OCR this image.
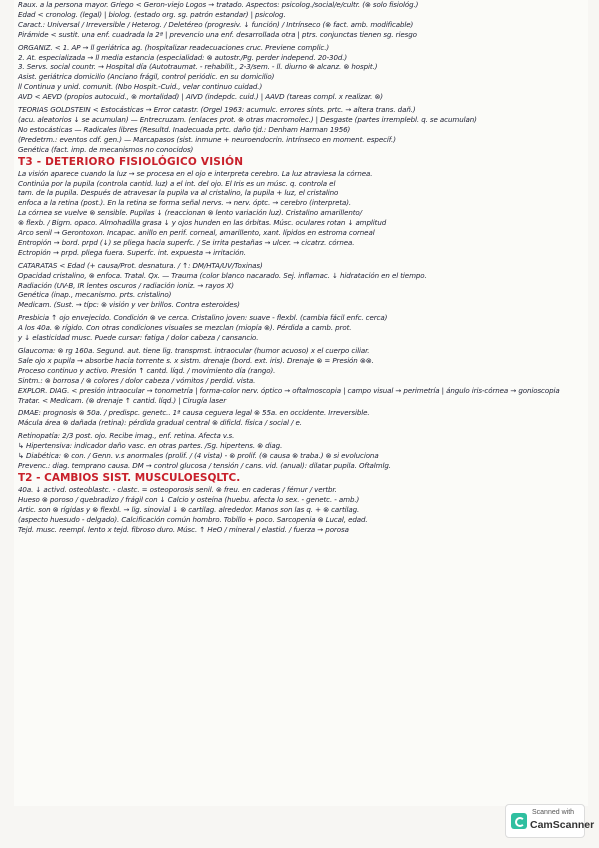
Raux. a la persona mayor. Griego < Geron-viejo Logos → tratado. Aspectos: psicolog./social/e/cultr. (⊗ solo fisiológ.)
Edad < cronolog. (legal) | biolog. (estado org. sg. patrón estandar) | psicolog.
Caract.: Universal / Irreversible / Heterog. / Deletéreo (progresiv. ↓ función) / Intrínseco (⊗ fact. amb. modificable)
Pirámide < sustit. una enf. cuadrada la 2ª | prevencio una enf. desarrollada otra | ptrs. conjunctas tienen sg. riesgo
ORGANIZ. < 1. AP → ll geriátrica ag. (hospitalizar readecuaciones cruc. Previene complic.)
2. At. especializada → ll media estancia (especialidad: ⊗ autostr./Pg. perder independ. 20-30d.)
3. Servs. social countr. → Hospital día (Autotraumat. - rehabilit., 2-3/sem. - ll. diurno ⊗ alcanz. ⊗ hospit.)
Asist. geriátrica domicilio (Anciano frágil, control periódic. en su domicilio)
ll Continua y unid. comunit. (Nbo Hospit.-Cuid., velar continuo cuidad.)
AVD < AEVD (propios autocuid., ⊗ mortalidad) | AIVD (indepdc. cuid.) | AAVD (tareas compl. x realizar. ⊗)
TEORIAS GOLDSTEIN < Estocásticas → Error catastr. (Orgel 1963: acumulc. errores sínts. prtc. → altera trans. dañ.)
(acu. aleatorios ↓ se acumulan) — Entrecruzam. (enlaces prot. ⊗ otras macromolec.) | Desgaste (partes irremplebl. q. se acumulan)
No estocásticas — Radicales libres (Resultd. Inadecuada prtc. daño tjd.: Denham Harman 1956)
(Predetrm.: eventos cdf. gen.) — Marcapasos (sist. inmune + neuroendocrin. intrínseco en moment. específ.)
Genética (fact. imp. de mecanismos no conocidos)
T3 - DETERIORO FISIOLÓGICO VISIÓN
La visión aparece cuando la luz → se procesa en el ojo e interpreta cerebro. La luz atraviesa la córnea.
Continúa por la pupila (controla cantid. luz) a el int. del ojo. El Iris es un músc. q. controla el
tam. de la pupila. Después de atravesar la pupila va al cristalino, la pupila + luz, el cristalino
enfoca a la retina (post.). En la retina se forma señal nervs. → nerv. óptc. → cerebro (interpreta).
La córnea se vuelve ⊗ sensible. Pupilas ↓ (reaccionan ⊗ lento variación luz). Cristalino amarillento/
⊗ flexb. / Bigrn. opaco. Almohadilla grasa ↓ y ojos hunden en las órbitas. Músc. oculares rotan ↓ amplitud
Arco senil → Gerontoxon. Incapac. anillo en perif. corneal, amarillento, xant. lípidos en estroma corneal
Entropión → bord. prpd (↓) se pliega hacia superfc. / Se irrita pestañas → ulcer. → cicatrz. córnea.
Ectropión → prpd. pliega fuera. Superfc. int. expuesta → irritación.
CATARATAS < Edad (+ causa/Prot. desnatura. / ↑: DM/HTA/UV/Toxinas)
Opacidad cristalino, ⊗ enfoca. Tratal. Qx. — Trauma (color blanco nacarado. Sej. inflamac. ↓ hidratación en el tiempo.
Radiación (UV-B, IR lentes oscuros / radiación ioniz. → rayos X)
Genética (inap., mecanismo. prts. cristalino)
Medicam. (Sust. → típc: ⊗ visión y ver brillos. Contra esteroides)
Presbicia ↑ ojo envejecido. Condición ⊗ ve cerca. Cristalino joven: suave - flexbl. (cambia fácil enfc. cerca)
A los 40a. ⊗ rígido. Con otras condiciones visuales se mezclan (miopía ⊗). Pérdida a camb. prot.
y ↓ elasticidad musc. Puede cursar: fatiga / dolor cabeza / cansancio.
Glaucoma: ⊗ rg 160a. Segund. aut. tiene lig. transpmst. intraocular (humor acuoso) x el cuerpo ciliar.
Sale ojo x pupila → absorbe hacia torrente s. x sistm. drenaje (bord. ext. iris). Drenaje ⊗ = Presión ⊗⊗.
Proceso continuo y activo. Presión ↑ cantd. líqd. / movimiento día (rango).
Sintm.: ⊗ borrosa / ⊗ colores / dolor cabeza / vómitos / perdid. vista.
EXPLOR. DIAG. < presión intraocular → tonometría | forma-color nerv. óptico → oftalmoscopia | campo visual → perimetría | ángulo iris-córnea → gonioscopia
Tratar. < Medicam. (⊗ drenaje ↑ cantid. líqd.) | Cirugía laser
DMAE: prognosis ⊗ 50a. / predispc. genetc.. 1ª causa ceguera legal ⊗ 55a. en occidente. Irreversible.
Mácula área ⊗ dañada (retina): pérdida gradual central ⊗ dificld. física / social / e.
Retinopatía: 2/3 post. ojo. Recibe imag., enf. retina. Afecta v.s.
↳ Hipertensiva: indicador daño vasc. en otras partes. /Sg. hipertens. ⊗ diag.
↳ Diabética: ⊗ con. / Genn. v.s anormales (prolif. / (4 vista) - ⊗ prolif. (⊗ causa ⊗ traba.) ⊗ si evoluciona
Prevenc.: diag. temprano causa. DM → control glucosa / tensión / cans. vid. (anual): dilatar pupila. Oftalmlg.
T2 - CAMBIOS SIST. MUSCULOESQLTC.
40a. ↓ activd. osteoblastc. - clastc. = osteoporosis senil. ⊗ freu. en caderas / fémur / vertbr.
Hueso ⊗ poroso / quebradizo / frágil con ↓ Calcio y osteína (huebu. afecta lo sex. - genetc. - amb.)
Artic. son ⊗ rígidas y ⊗ flexbl. → lig. sinovial ↓ ⊗ cartilag. alrededor. Manos son las q. + ⊗ cartilag.
(aspecto huesudo - delgado). Calcificación común hombro. Tobillo + poco. Sarcopenia ⊗ Lucal, edad.
Tejd. musc. reempl. lento x tejd. fibroso duro. Músc. ↑ HeO / mineral / elastid. / fuerza → porosa
Scanned with
CamScanner
